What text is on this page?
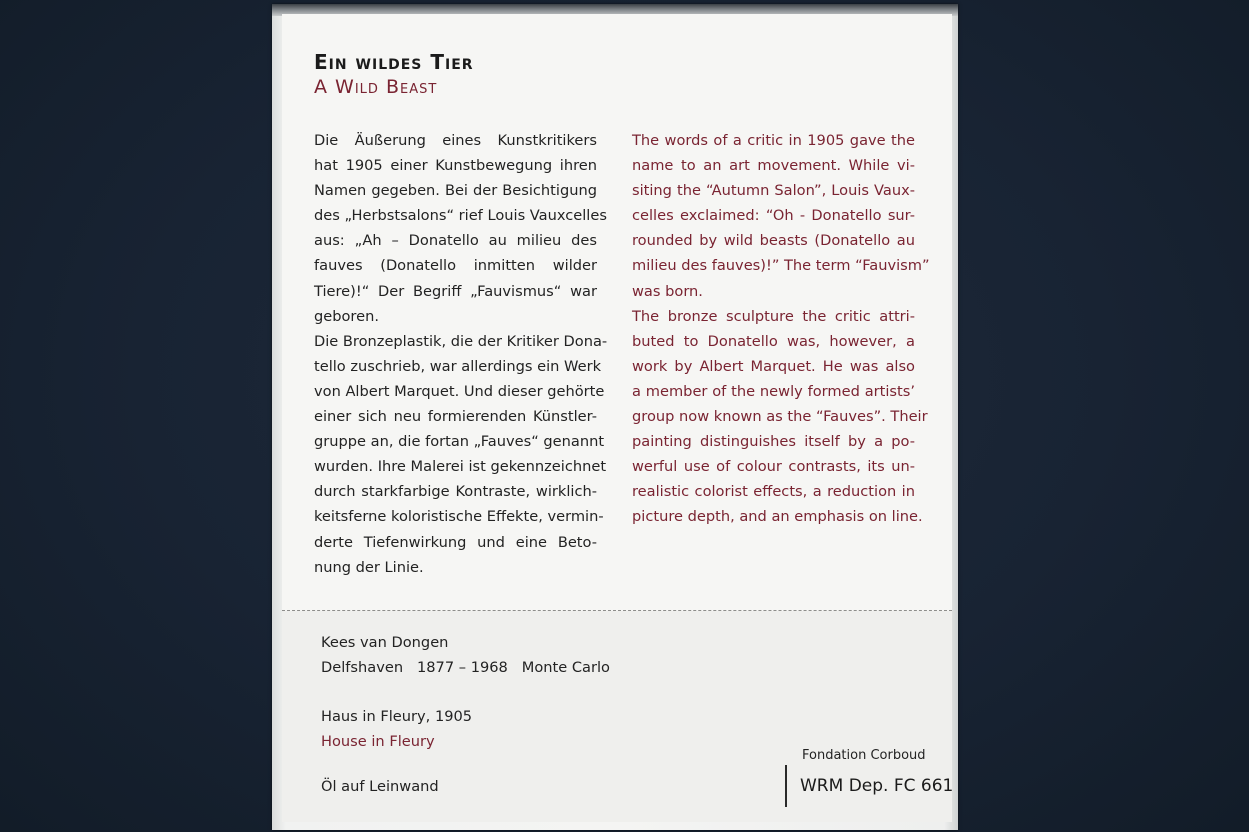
Ein wildes Tier
A Wild Beast
Die Äußerung eines Kunstkritikers
hat 1905 einer Kunstbewegung ihren
Namen gegeben. Bei der Besichtigung
des „Herbstsalons“ rief Louis Vauxcelles
aus: „Ah – Donatello au milieu des
fauves (Donatello inmitten wilder
Tiere)!“ Der Begriff „Fauvismus“ war
geboren.
Die Bronzeplastik, die der Kritiker Dona-
tello zuschrieb, war allerdings ein Werk
von Albert Marquet. Und dieser gehörte
einer sich neu formierenden Künstler-
gruppe an, die fortan „Fauves“ genannt
wurden. Ihre Malerei ist gekennzeichnet
durch starkfarbige Kontraste, wirklich-
keitsferne koloristische Effekte, vermin-
derte Tiefenwirkung und eine Beto-
nung der Linie.
The words of a critic in 1905 gave the
name to an art movement. While vi-
siting the “Autumn Salon”, Louis Vaux-
celles exclaimed: “Oh - Donatello sur-
rounded by wild beasts (Donatello au
milieu des fauves)!” The term “Fauvism”
was born.
The bronze sculpture the critic attri-
buted to Donatello was, however, a
work by Albert Marquet. He was also
a member of the newly formed artists’
group now known as the “Fauves”. Their
painting distinguishes itself by a po-
werful use of colour contrasts, its un-
realistic colorist effects, a reduction in
picture depth, and an emphasis on line.
Kees van Dongen
Delfshaven   1877 – 1968   Monte Carlo
Haus in Fleury, 1905
House in Fleury
Öl auf Leinwand
Fondation Corboud
WRM Dep. FC 661
